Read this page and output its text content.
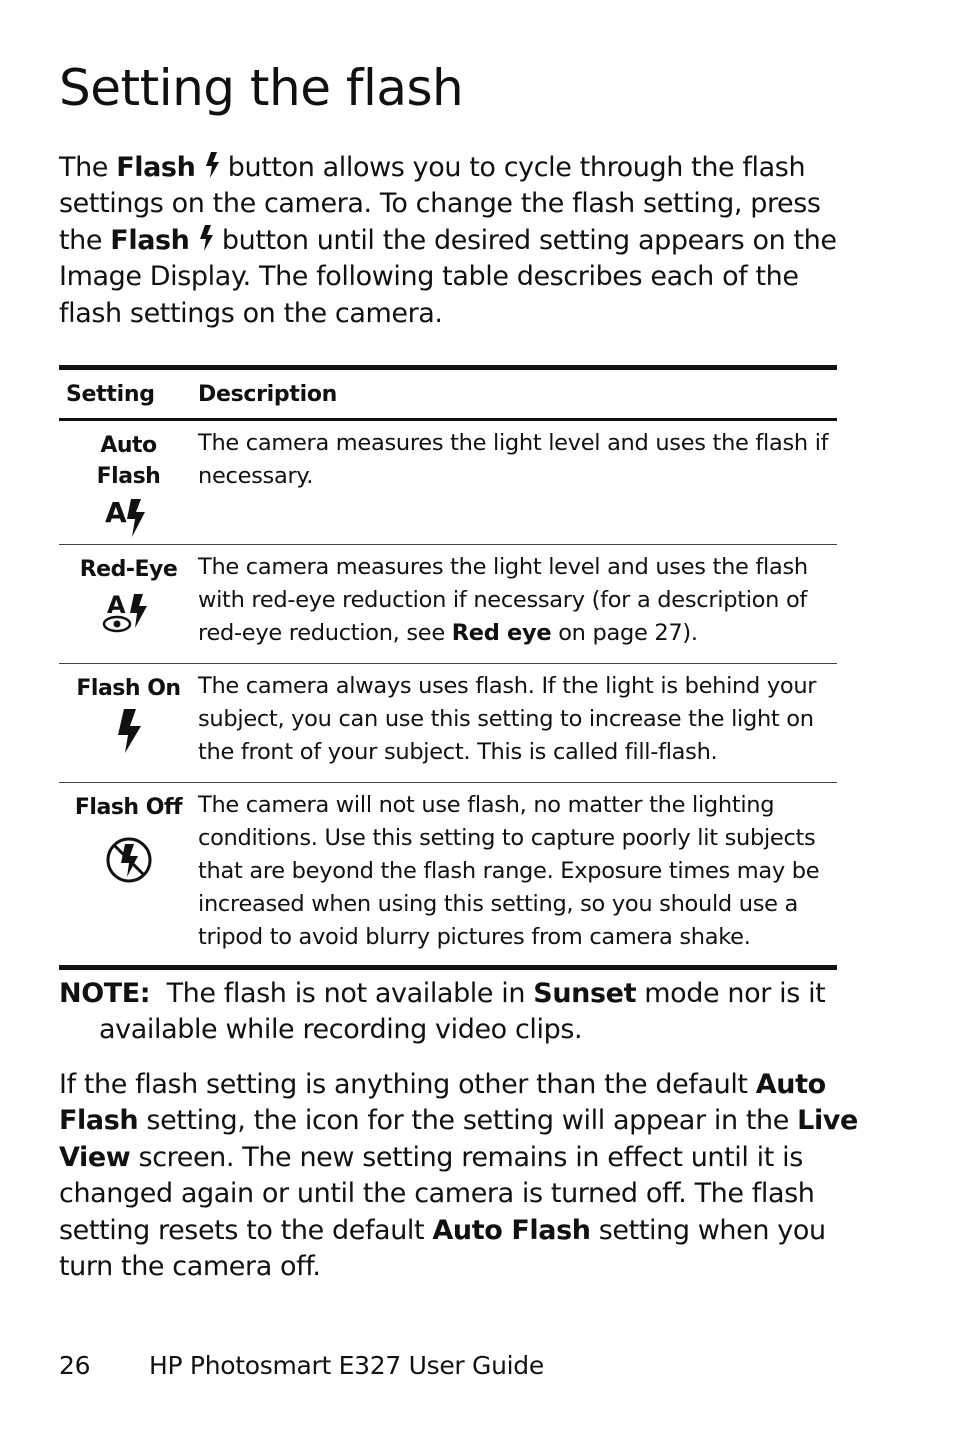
Setting the flash

The Flash  button allows you to cycle through the flash settings on the camera. To change the flash setting, press the Flash  button until the desired setting appears on the Image Display. The following table describes each of the flash settings on the camera.

Setting	Description
Auto
Flash
A
The camera measures the light level and uses the flash if necessary.
Red-Eye
A
The camera measures the light level and uses the flash with red-eye reduction if necessary (for a description of red-eye reduction, see Red eye on page 27).
Flash On The camera always uses flash. If the light is behind your subject, you can use this setting to increase the light on the front of your subject. This is called fill-flash.
Flash Off The camera will not use flash, no matter the lighting conditions. Use this setting to capture poorly lit subjects that are beyond the flash range. Exposure times may be increased when using this setting, so you should use a tripod to avoid blurry pictures from camera shake.

NOTE:  The flash is not available in Sunset mode nor is it available while recording video clips.

If the flash setting is anything other than the default Auto Flash setting, the icon for the setting will appear in the Live View screen. The new setting remains in effect until it is changed again or until the camera is turned off. The flash setting resets to the default Auto Flash setting when you turn the camera off.

26 HP Photosmart E327 User Guide
